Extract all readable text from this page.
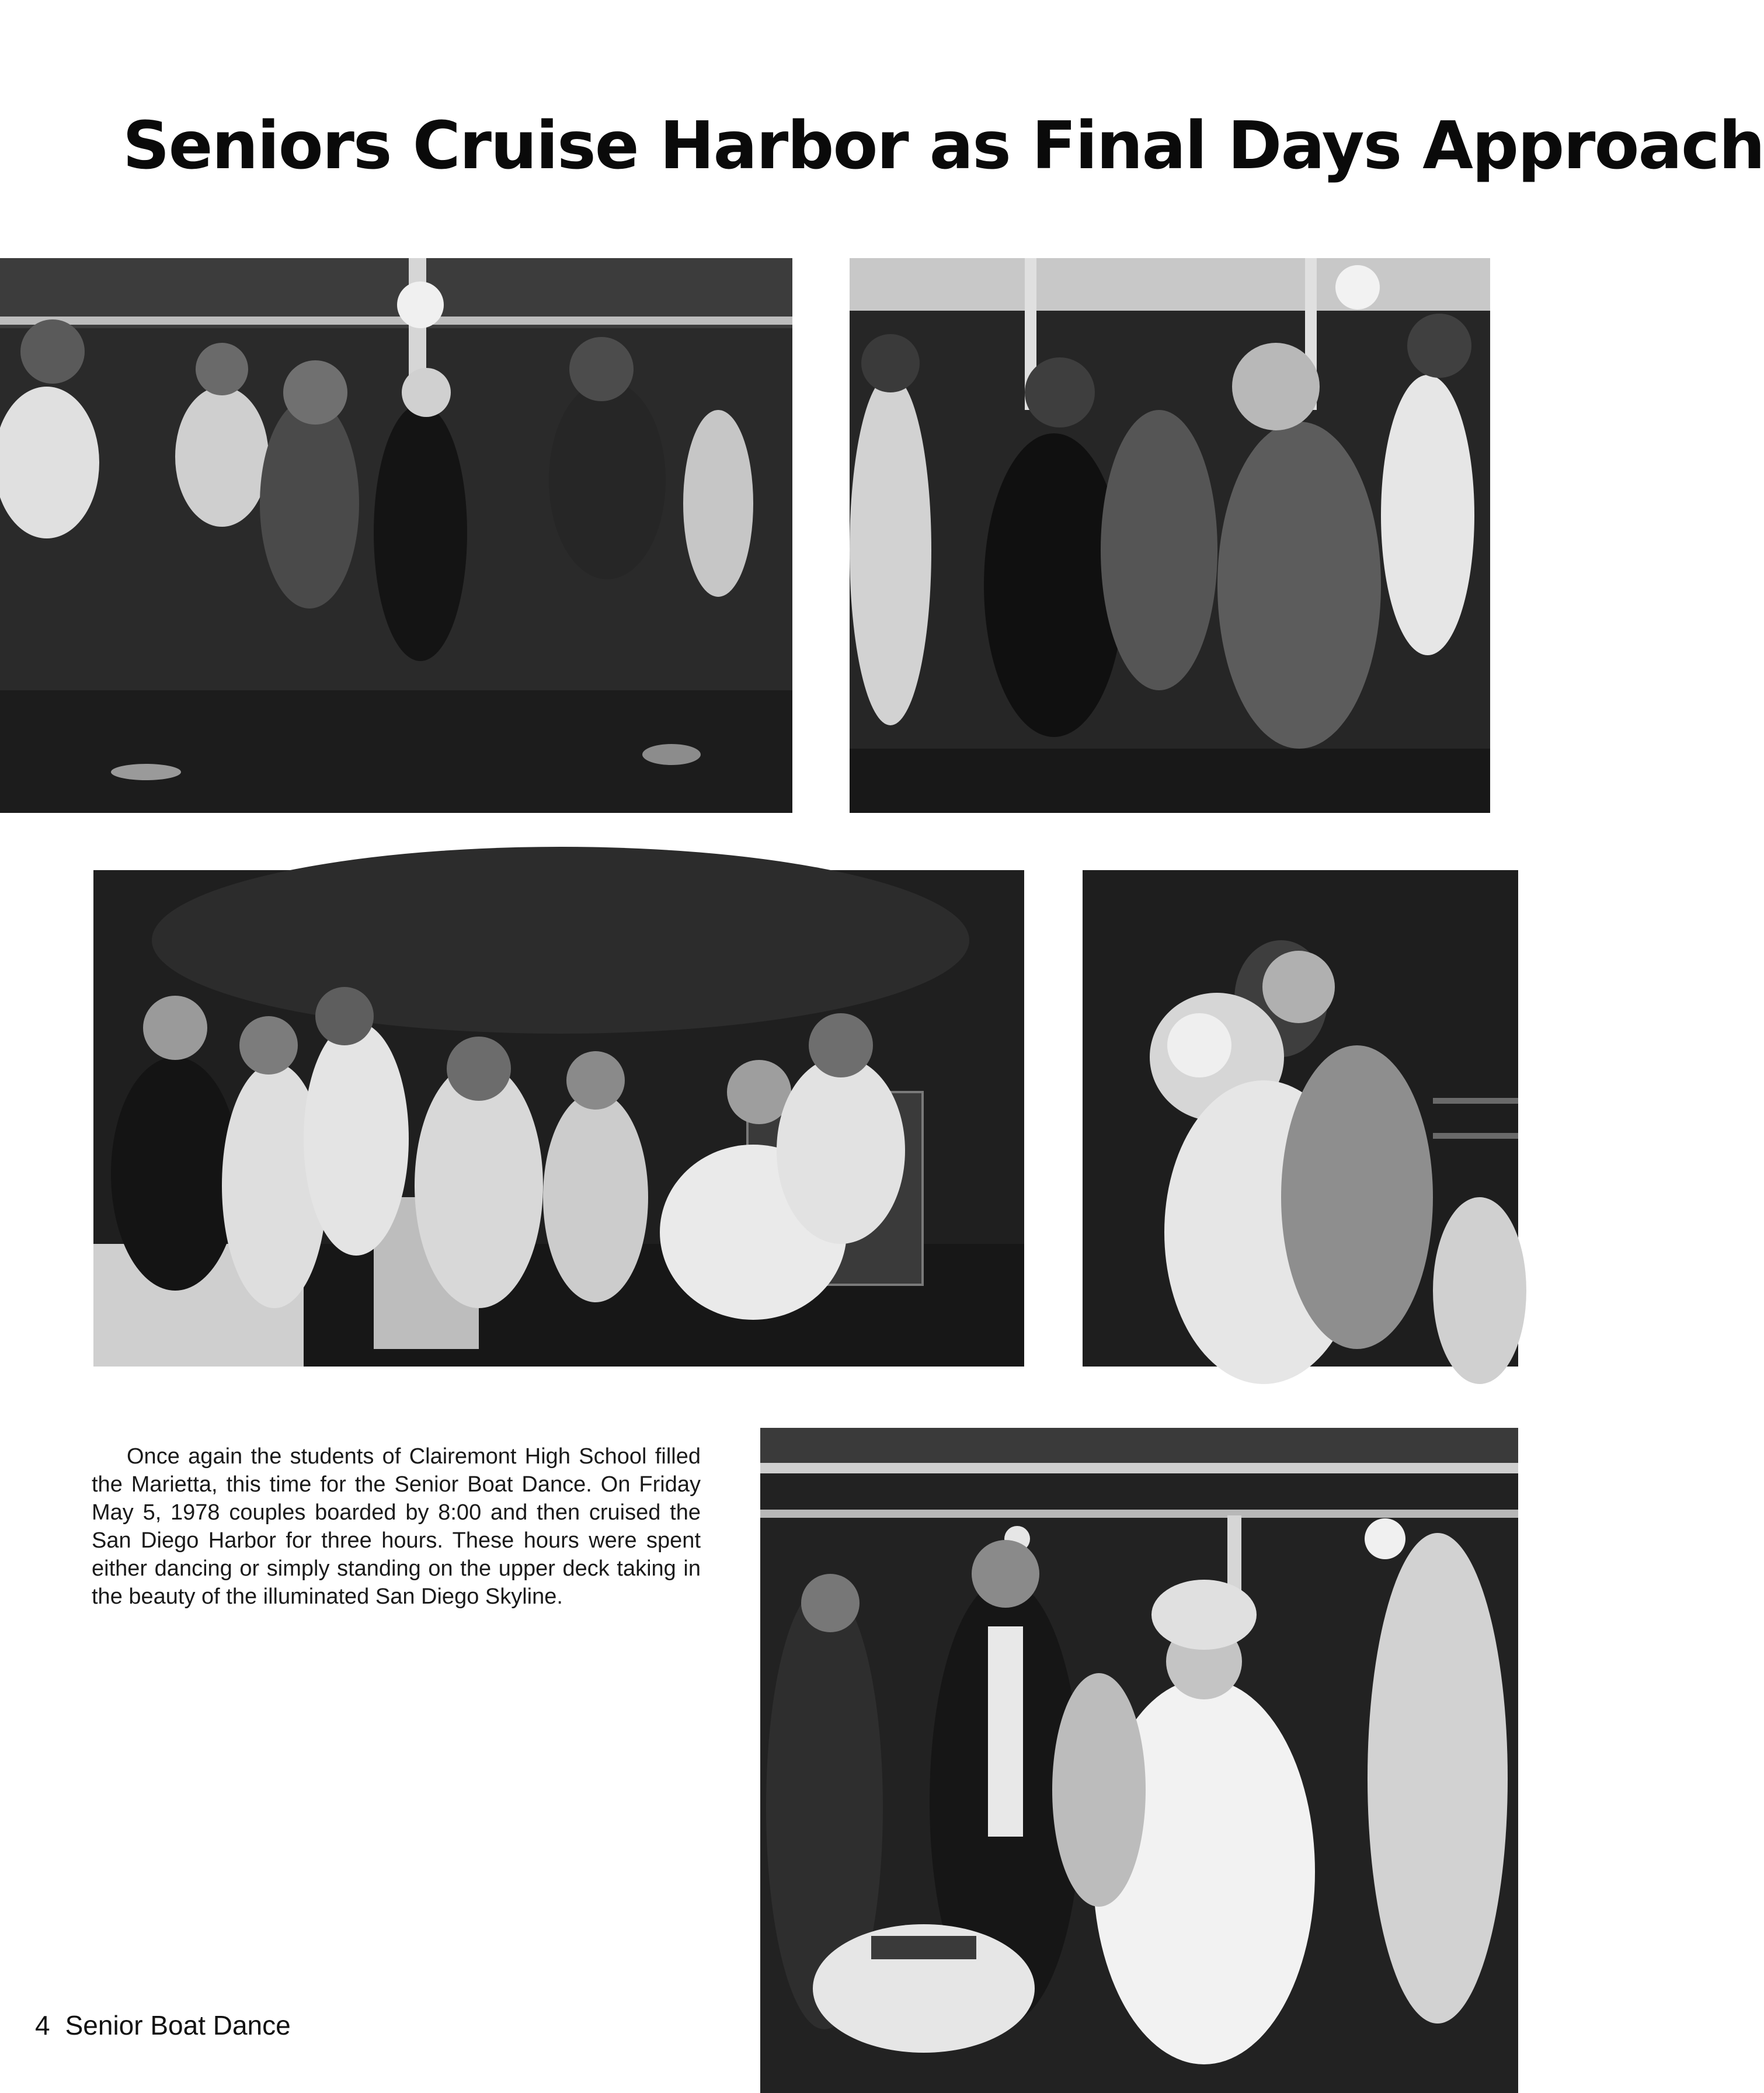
Seniors Cruise Harbor as Final Days Approach

Once again the students of Clairemont High School filled the Marietta, this time for the Senior Boat Dance. On Friday May 5, 1978 couples boarded by 8:00 and then cruised the San Diego Harbor for three hours. These hours were spent either dancing or simply standing on the upper deck taking in the beauty of the illuminated San Diego Skyline.

4 Senior Boat Dance
